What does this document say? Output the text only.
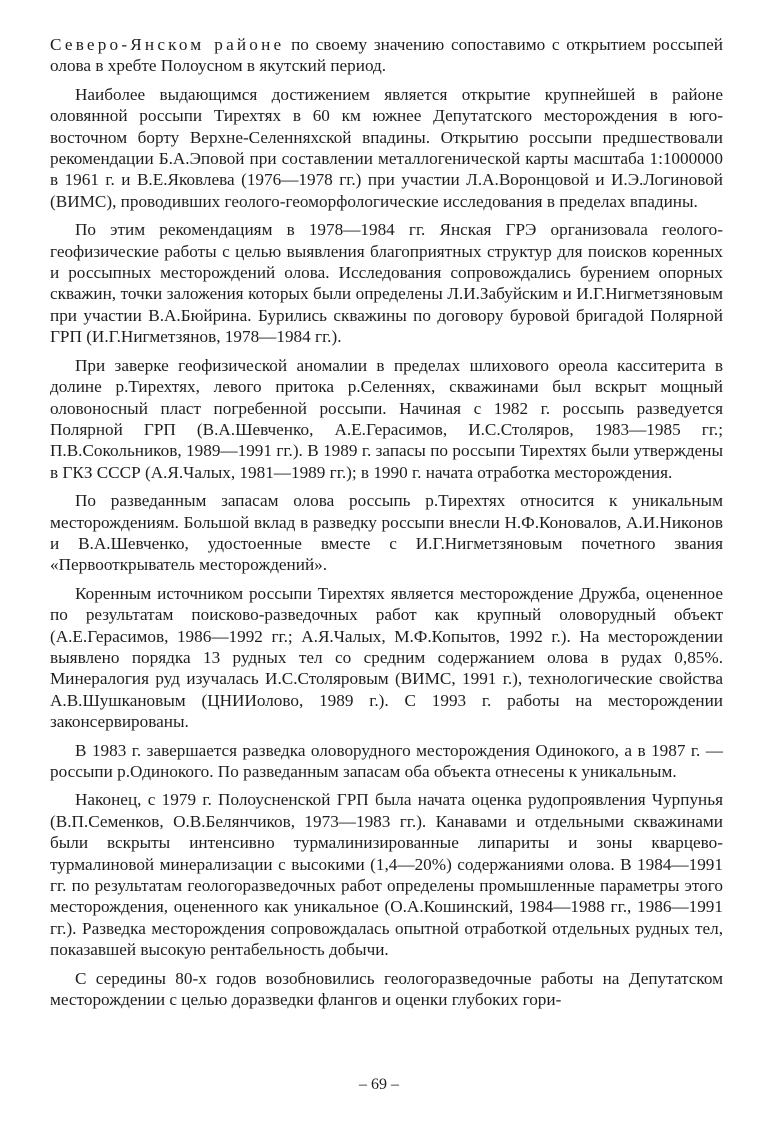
Северо-Янском районе по своему значению сопоставимо с открытием россыпей олова в хребте Полоусном в якутский период.

Наиболее выдающимся достижением является открытие крупнейшей в районе оловянной россыпи Тирехтях в 60 км южнее Депутатского месторождения в юго-восточном борту Верхне-Селенняхской впадины. Открытию россыпи предшествовали рекомендации Б.А.Эповой при составлении металлогенической карты масштаба 1:1000000 в 1961 г. и В.Е.Яковлева (1976—1978 гг.) при участии Л.А.Воронцовой и И.Э.Логиновой (ВИМС), проводивших геолого-геоморфологические исследования в пределах впадины.

По этим рекомендациям в 1978—1984 гг. Янская ГРЭ организовала геологогеофизические работы с целью выявления благоприятных структур для поисков коренных и россыпных месторождений олова. Исследования сопровождались бурением опорных скважин, точки заложения которых были определены Л.И.Забуйским и И.Г.Нигметзяновым при участии В.А.Бюйрина. Бурились скважины по договору буровой бригадой Полярной ГРП (И.Г.Нигметзянов, 1978—1984 гг.).

При заверке геофизической аномалии в пределах шлихового ореола касситерита в долине р.Тирехтях, левого притока р.Селеннях, скважинами был вскрыт мощный оловоносный пласт погребенной россыпи. Начиная с 1982 г. россыпь разведуется Полярной ГРП (В.А.Шевченко, А.Е.Герасимов, И.С.Столяров, 1983—1985 гг.; П.В.Сокольников, 1989—1991 гг.). В 1989 г. запасы по россыпи Тирехтях были утверждены в ГКЗ СССР (А.Я.Чалых, 1981—1989 гг.); в 1990 г. начата отработка месторождения.

По разведанным запасам олова россыпь р.Тирехтях относится к уникальным месторождениям. Большой вклад в разведку россыпи внесли Н.Ф.Коновалов, А.И.Никонов и В.А.Шевченко, удостоенные вместе с И.Г.Нигметзяновым почетного звания «Первооткрыватель месторождений».

Коренным источником россыпи Тирехтях является месторождение Дружба, оцененное по результатам поисково-разведочных работ как крупный оловорудный объект (А.Е.Герасимов, 1986—1992 гг.; А.Я.Чалых, М.Ф.Копытов, 1992 г.). На месторождении выявлено порядка 13 рудных тел со средним содержанием олова в рудах 0,85%. Минералогия руд изучалась И.С.Столяровым (ВИМС, 1991 г.), технологические свойства А.В.Шушкановым (ЦНИИолово, 1989 г.). С 1993 г. работы на месторождении законсервированы.

В 1983 г. завершается разведка оловорудного месторождения Одинокого, а в 1987 г. — россыпи р.Одинокого. По разведанным запасам оба объекта отнесены к уникальным.

Наконец, с 1979 г. Полоусненской ГРП была начата оценка рудопроявления Чурпунья (В.П.Семенков, О.В.Белянчиков, 1973—1983 гг.). Канавами и отдельными скважинами были вскрыты интенсивно турмалинизированные липариты и зоны кварцево-турмалиновой минерализации с высокими (1,4—20%) содержаниями олова. В 1984—1991 гг. по результатам геологоразведочных работ определены промышленные параметры этого месторождения, оцененного как уникальное (О.А.Кошинский, 1984—1988 гг., 1986—1991 гг.). Разведка месторождения сопровождалась опытной отработкой отдельных рудных тел, показавшей высокую рентабельность добычи.

С середины 80-х годов возобновились геологоразведочные работы на Депутатском месторождении с целью доразведки флангов и оценки глубоких гори-

– 69 –
